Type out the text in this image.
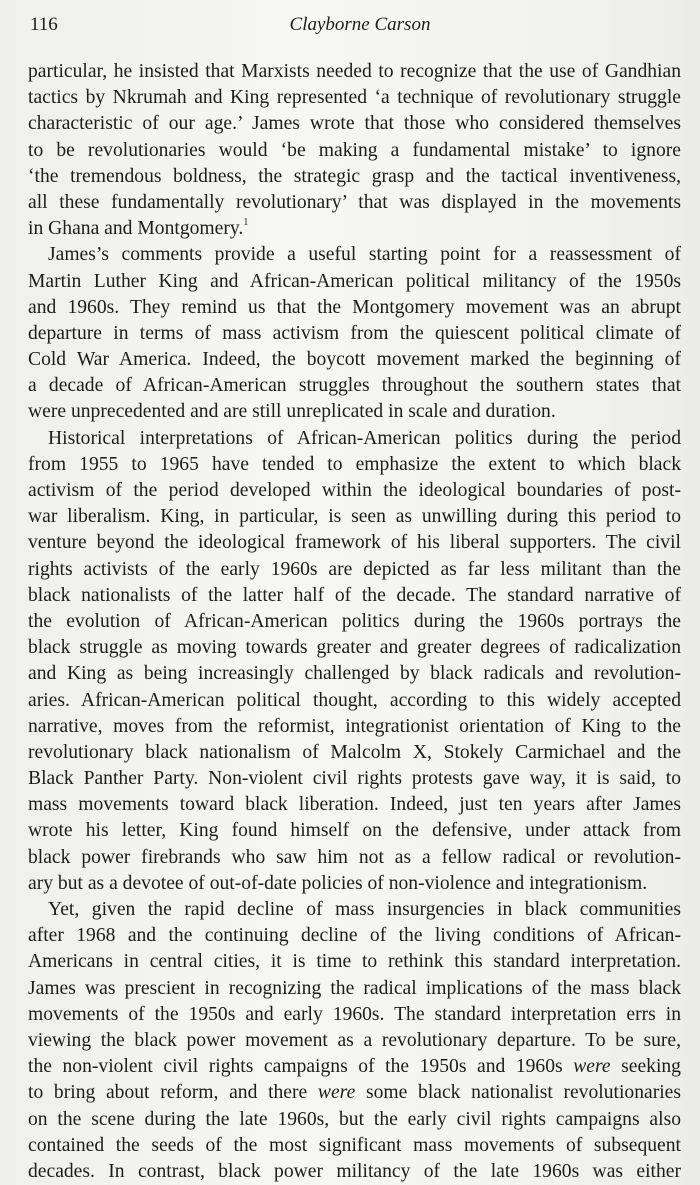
116	Clayborne Carson
particular, he insisted that Marxists needed to recognize that the use of Gandhian
tactics by Nkrumah and King represented ‘a technique of revolutionary struggle
characteristic of our age.’ James wrote that those who considered themselves
to be revolutionaries would ‘be making a fundamental mistake’ to ignore
‘the tremendous boldness, the strategic grasp and the tactical inventiveness,
all these fundamentally revolutionary’ that was displayed in the movements
in Ghana and Montgomery.$^1$
James’s comments provide a useful starting point for a reassessment of
Martin Luther King and African-American political militancy of the 1950s
and 1960s. They remind us that the Montgomery movement was an abrupt
departure in terms of mass activism from the quiescent political climate of
Cold War America. Indeed, the boycott movement marked the beginning of
a decade of African-American struggles throughout the southern states that
were unprecedented and are still unreplicated in scale and duration.
Historical interpretations of African-American politics during the period
from 1955 to 1965 have tended to emphasize the extent to which black
activism of the period developed within the ideological boundaries of post-
war liberalism. King, in particular, is seen as unwilling during this period to
venture beyond the ideological framework of his liberal supporters. The civil
rights activists of the early 1960s are depicted as far less militant than the
black nationalists of the latter half of the decade. The standard narrative of
the evolution of African-American politics during the 1960s portrays the
black struggle as moving towards greater and greater degrees of radicalization
and King as being increasingly challenged by black radicals and revolution-
aries. African-American political thought, according to this widely accepted
narrative, moves from the reformist, integrationist orientation of King to the
revolutionary black nationalism of Malcolm X, Stokely Carmichael and the
Black Panther Party. Non-violent civil rights protests gave way, it is said, to
mass movements toward black liberation. Indeed, just ten years after James
wrote his letter, King found himself on the defensive, under attack from
black power firebrands who saw him not as a fellow radical or revolution-
ary but as a devotee of out-of-date policies of non-violence and integrationism.
Yet, given the rapid decline of mass insurgencies in black communities
after 1968 and the continuing decline of the living conditions of African-
Americans in central cities, it is time to rethink this standard interpretation.
James was prescient in recognizing the radical implications of the mass black
movements of the 1950s and early 1960s. The standard interpretation errs in
viewing the black power movement as a revolutionary departure. To be sure,
the non-violent civil rights campaigns of the 1950s and 1960s were seeking
to bring about reform, and there were some black nationalist revolutionaries
on the scene during the late 1960s, but the early civil rights campaigns also
contained the seeds of the most significant mass movements of subsequent
decades. In contrast, black power militancy of the late 1960s was either
